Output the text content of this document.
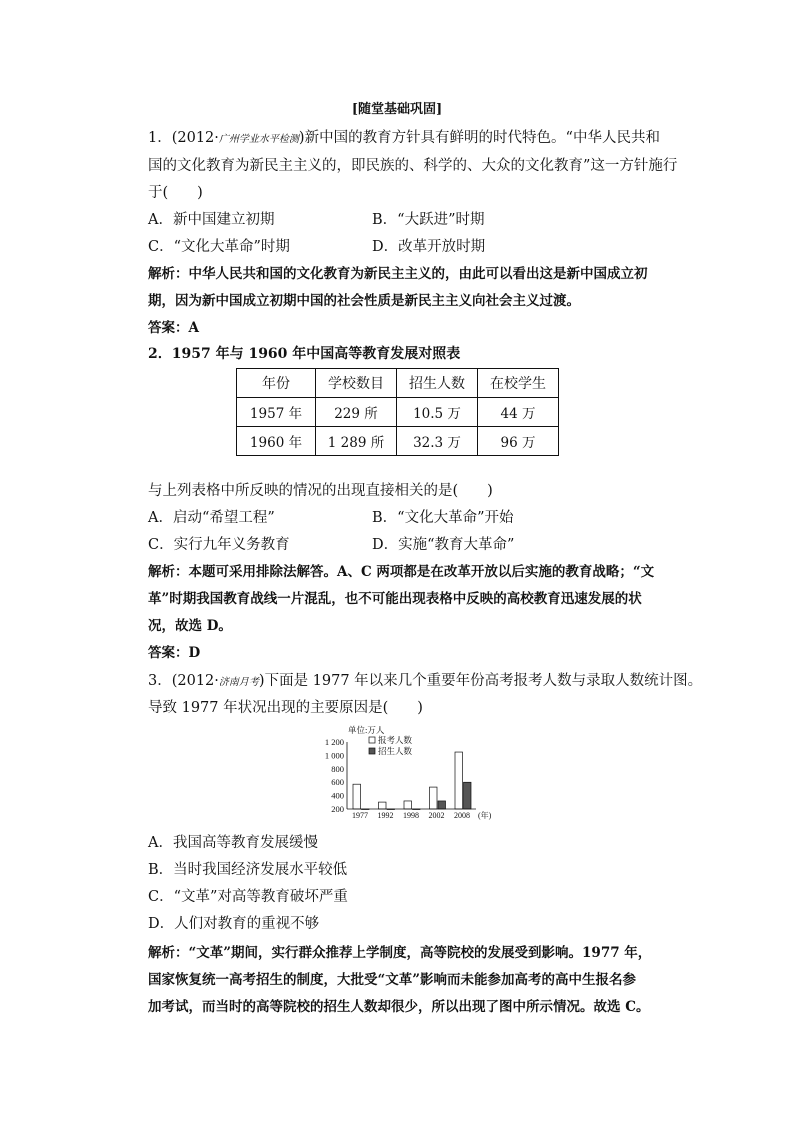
[随堂基础巩固]
1．(2012·广州学业水平检测)新中国的教育方针具有鲜明的时代特色。“中华人民共和
国的文化教育为新民主主义的，即民族的、科学的、大众的文化教育”这一方针施行
于(　　)
A．新中国建立初期	B．“大跃进”时期
C．“文化大革命”时期	D．改革开放时期
解析：中华人民共和国的文化教育为新民主主义的，由此可以看出这是新中国成立初
期，因为新中国成立初期中国的社会性质是新民主主义向社会主义过渡。
答案：A
2．1957 年与 1960 年中国高等教育发展对照表
年份	学校数目	招生人数	在校学生
1957 年	229 所	10.5 万	44 万
1960 年	1 289 所	32.3 万	96 万
与上列表格中所反映的情况的出现直接相关的是(　　)
A．启动“希望工程”	B．“文化大革命”开始
C．实行九年义务教育	D．实施“教育大革命”
解析：本题可采用排除法解答。A、C 两项都是在改革开放以后实施的教育战略；“文
革”时期我国教育战线一片混乱，也不可能出现表格中反映的高校教育迅速发展的状
况，故选 D。
答案：D
3．(2012·济南月考)下面是 1977 年以来几个重要年份高考报考人数与录取人数统计图。
导致 1977 年状况出现的主要原因是(　　)
单位:万人
1 200
1 000
800
600
400
200
1977 1992 1998 2002 2008
报考人数
招生人数
(年)
A．我国高等教育发展缓慢
B．当时我国经济发展水平较低
C．“文革”对高等教育破坏严重
D．人们对教育的重视不够
解析：“文革”期间，实行群众推荐上学制度，高等院校的发展受到影响。1977 年，
国家恢复统一高考招生的制度，大批受“文革”影响而未能参加高考的高中生报名参
加考试，而当时的高等院校的招生人数却很少，所以出现了图中所示情况。故选 C。
